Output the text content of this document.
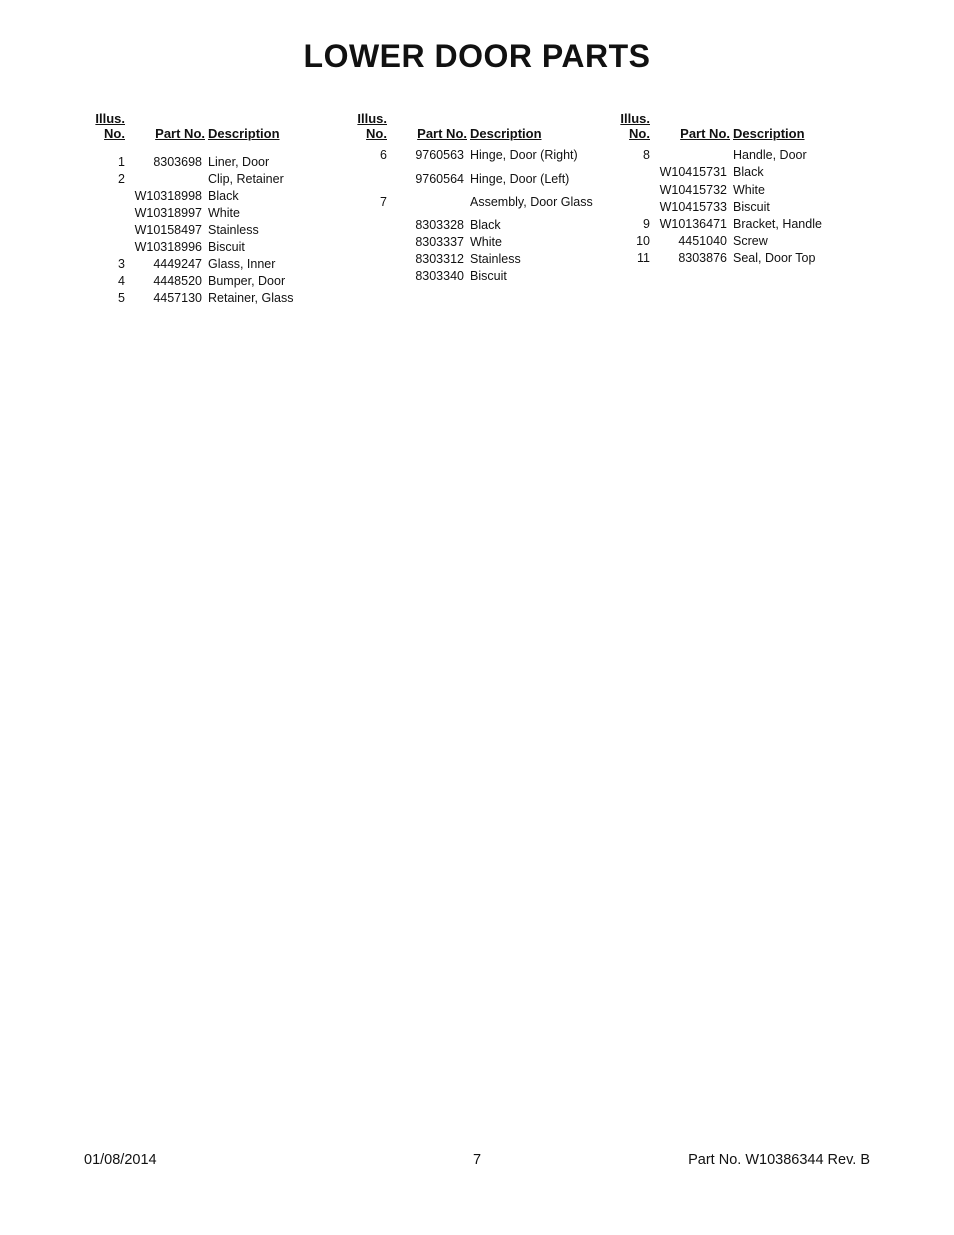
LOWER DOOR PARTS
Illus.
No.	Part No. Description
1	8303698 Liner, Door
2	Clip, Retainer
W10318998 Black
W10318997 White
W10158497 Stainless
W10318996 Biscuit
3	4449247 Glass, Inner
4	4448520 Bumper, Door
5	4457130 Retainer, Glass
Illus.
No.	Part No. Description
6	9760563 Hinge, Door (Right)
9760564 Hinge, Door (Left)
7	Assembly, Door Glass
8303328 Black
8303337 White
8303312 Stainless
8303340 Biscuit
Illus.
No.	Part No. Description
8	Handle, Door
W10415731 Black
W10415732 White
W10415733 Biscuit
9 W10136471 Bracket, Handle
10	4451040 Screw
11	8303876 Seal, Door Top
01/08/2014	7	Part No. W10386344 Rev. B
